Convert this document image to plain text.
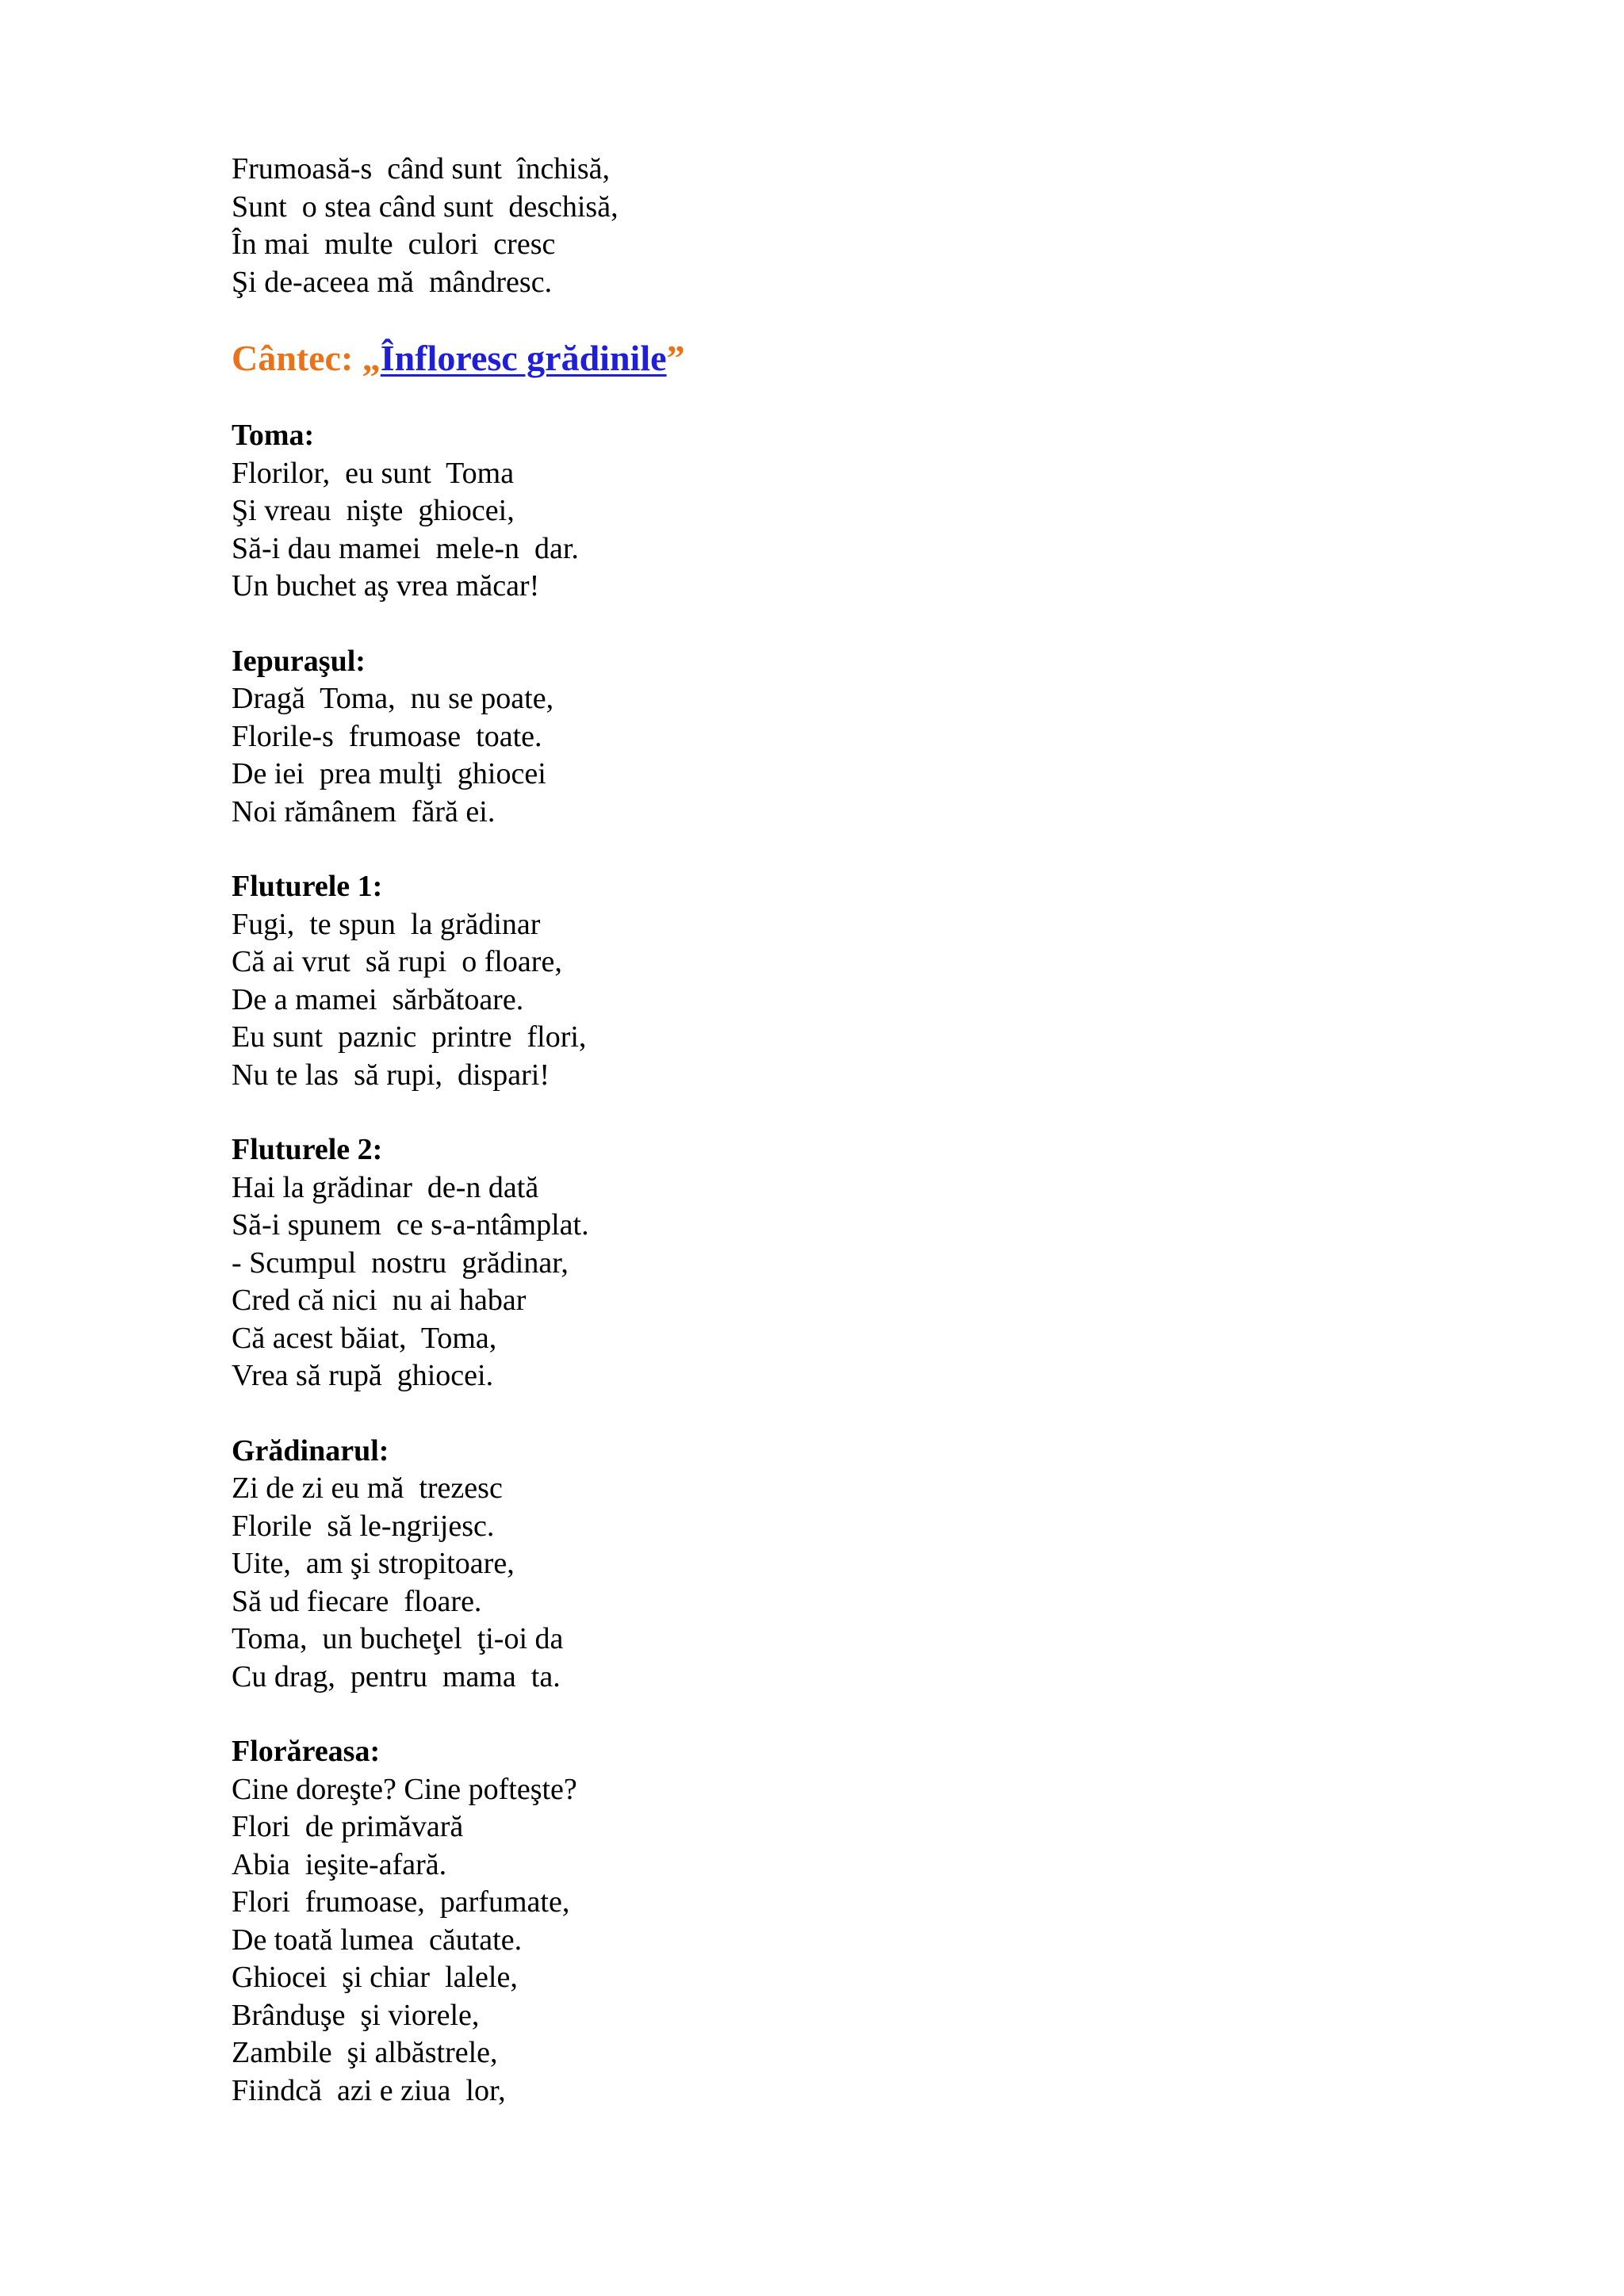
Frumoasă-s  când sunt  închisă,
Sunt  o stea când sunt  deschisă,
În mai  multe  culori  cresc
Şi de-aceea mă  mândresc.
Cântec: „Înfloresc grădinile”
Toma:
Florilor,  eu sunt  Toma
Şi vreau  nişte  ghiocei,
Să-i dau mamei  mele-n  dar.
Un buchet aş vrea măcar!
Iepuraşul:
Dragă  Toma,  nu se poate,
Florile-s  frumoase  toate.
De iei  prea mulţi  ghiocei
Noi rămânem  fără ei.
Fluturele 1:
Fugi,  te spun  la grădinar
Că ai vrut  să rupi  o floare,
De a mamei  sărbătoare.
Eu sunt  paznic  printre  flori,
Nu te las  să rupi,  dispari!
Fluturele 2:
Hai la grădinar  de-n dată
Să-i spunem  ce s-a-ntâmplat.
- Scumpul  nostru  grădinar,
Cred că nici  nu ai habar
Că acest băiat,  Toma,
Vrea să rupă  ghiocei.
Grădinarul:
Zi de zi eu mă  trezesc
Florile  să le-ngrijesc.
Uite,  am şi stropitoare,
Să ud fiecare  floare.
Toma,  un bucheţel  ţi-oi da
Cu drag,  pentru  mama  ta.
Florăreasa:
Cine doreşte? Cine pofteşte?
Flori  de primăvară
Abia  ieşite-afară.
Flori  frumoase,  parfumate,
De toată lumea  căutate.
Ghiocei  şi chiar  lalele,
Brânduşe  şi viorele,
Zambile  şi albăstrele,
Fiindcă  azi e ziua  lor,
